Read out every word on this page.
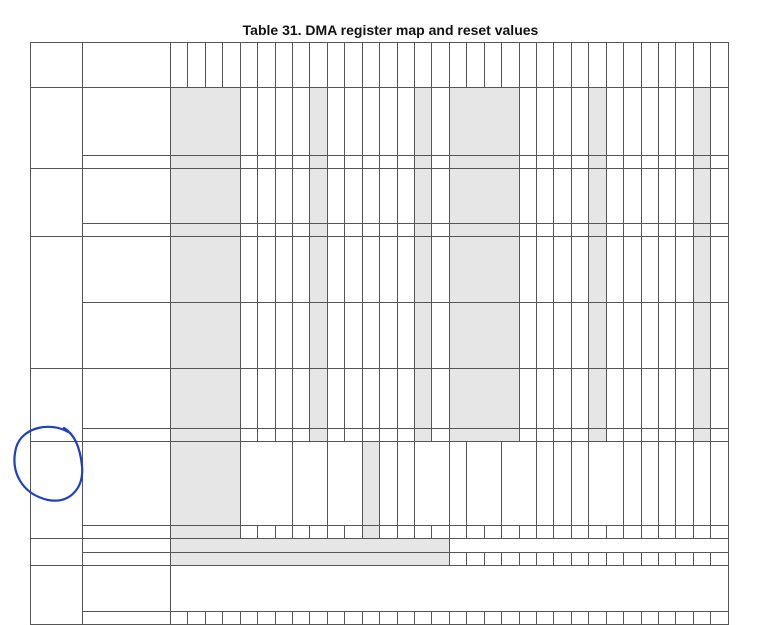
Table 31. DMA register map and reset values
